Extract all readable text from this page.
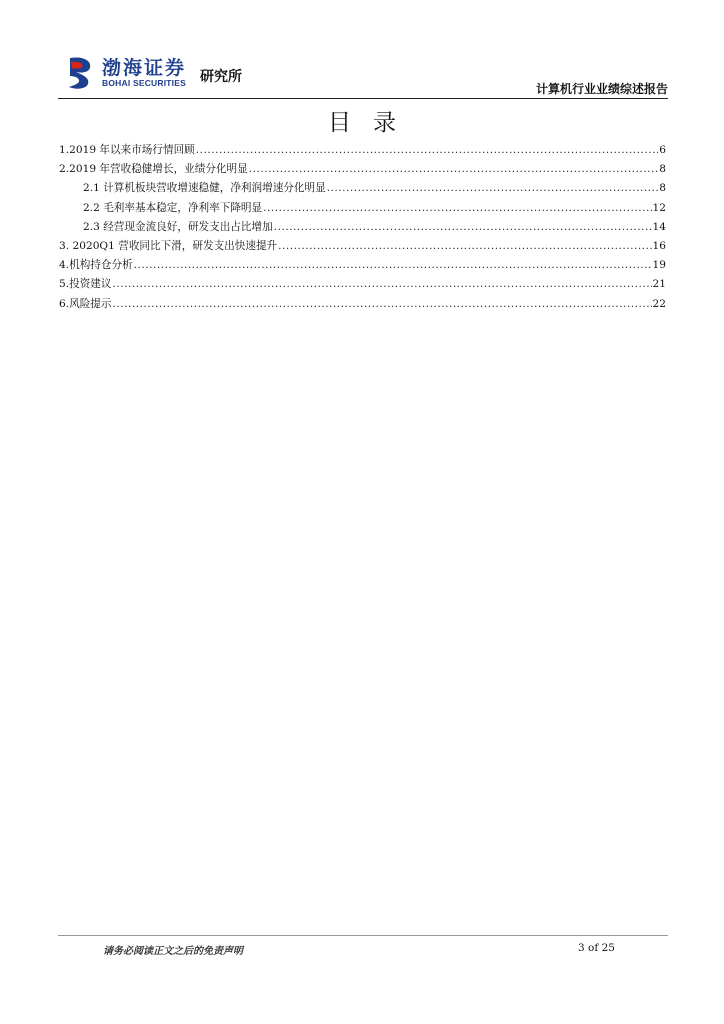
渤海证券
BOHAI SECURITIES 研究所
计算机行业业绩综述报告
目录
1.2019 年以来市场行情回顾 .....	6
2.2019 年营收稳健增长，业绩分化明显 .....	8
2.1 计算机板块营收增速稳健，净利润增速分化明显 .....	8
2.2 毛利率基本稳定，净利率下降明显 .....	12
2.3 经营现金流良好，研发支出占比增加 .....	14
3. 2020Q1 营收同比下滑，研发支出快速提升 .....	16
4.机构持仓分析 .....	19
5.投资建议 .....	21
6.风险提示 .....	22
请务必阅读正文之后的免责声明	3 of 25
